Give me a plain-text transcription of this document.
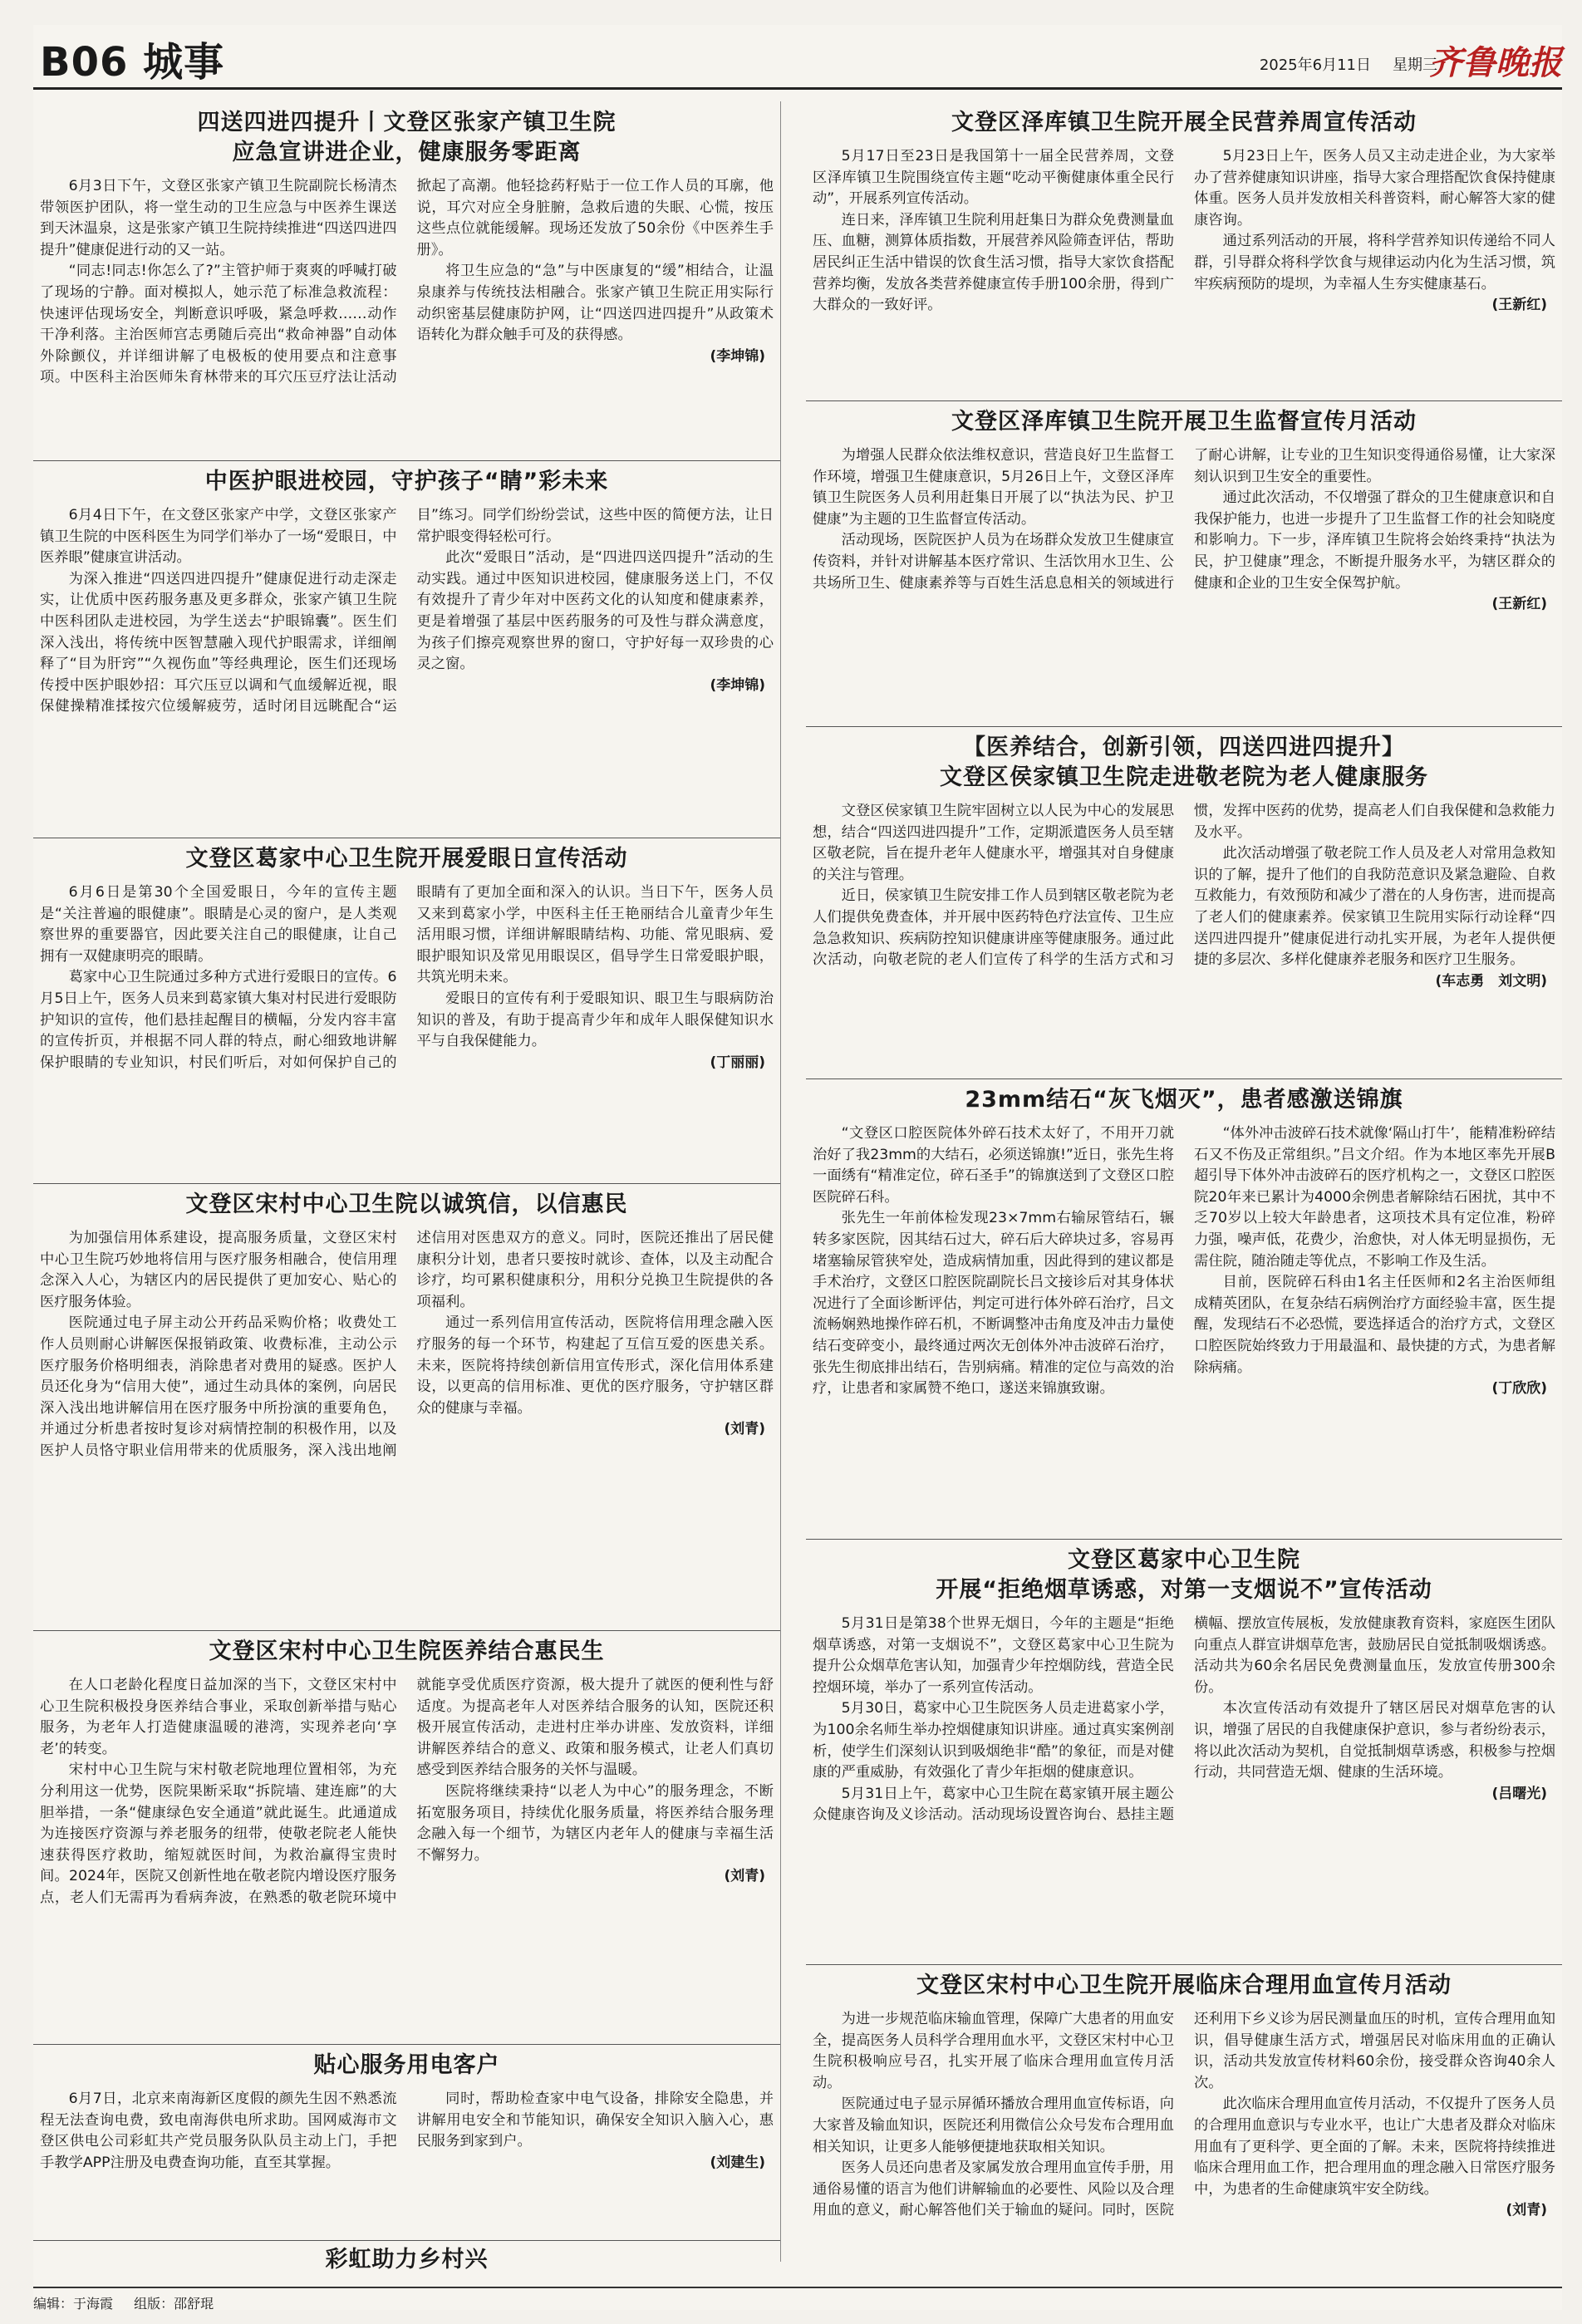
B06 城事	2025年6月11日 星期三
齐鲁晚报
四送四进四提升丨文登区张家产镇卫生院
应急宣讲进企业，健康服务零距离

6月3日下午，文登区张家产镇卫生院副院长杨清杰带领医护团队，将一堂生动的卫生应急与中医养生课送到天沐温泉，这是张家产镇卫生院持续推进“四送四进四提升”健康促进行动的又一站。

“同志!同志!你怎么了?”主管护师于爽爽的呼喊打破了现场的宁静。面对模拟人，她示范了标准急救流程：快速评估现场安全，判断意识呼吸，紧急呼救……动作干净利落。主治医师宫志勇随后亮出“救命神器”自动体外除颤仪，并详细讲解了电极板的使用要点和注意事项。中医科主治医师朱育林带来的耳穴压豆疗法让活动掀起了高潮。他轻捻药籽贴于一位工作人员的耳廓，他说，耳穴对应全身脏腑，急救后遗的失眠、心慌，按压这些点位就能缓解。现场还发放了50余份《中医养生手册》。

将卫生应急的“急”与中医康复的“缓”相结合，让温泉康养与传统技法相融合。张家产镇卫生院正用实际行动织密基层健康防护网，让“四送四进四提升”从政策术语转化为群众触手可及的获得感。

(李坤锦)
中医护眼进校园，守护孩子“睛”彩未来

6月4日下午，在文登区张家产中学，文登区张家产镇卫生院的中医科医生为同学们举办了一场“爱眼日，中医养眼”健康宣讲活动。

为深入推进“四送四进四提升”健康促进行动走深走实，让优质中医药服务惠及更多群众，张家产镇卫生院中医科团队走进校园，为学生送去“护眼锦囊”。医生们深入浅出，将传统中医智慧融入现代护眼需求，详细阐释了“目为肝窍”“久视伤血”等经典理论，医生们还现场传授中医护眼妙招：耳穴压豆以调和气血缓解近视，眼保健操精准揉按穴位缓解疲劳，适时闭目远眺配合“运目”练习。同学们纷纷尝试，这些中医的简便方法，让日常护眼变得轻松可行。

此次“爱眼日”活动，是“四进四送四提升”活动的生动实践。通过中医知识进校园，健康服务送上门，不仅有效提升了青少年对中医药文化的认知度和健康素养，更是着增强了基层中医药服务的可及性与群众满意度，为孩子们擦亮观察世界的窗口，守护好每一双珍贵的心灵之窗。

(李坤锦)
文登区葛家中心卫生院开展爱眼日宣传活动

6月6日是第30个全国爱眼日，今年的宣传主题是“关注普遍的眼健康”。眼睛是心灵的窗户，是人类观察世界的重要器官，因此要关注自己的眼健康，让自己拥有一双健康明亮的眼睛。

葛家中心卫生院通过多种方式进行爱眼日的宣传。6月5日上午，医务人员来到葛家镇大集对村民进行爱眼防护知识的宣传，他们悬挂起醒目的横幅，分发内容丰富的宣传折页，并根据不同人群的特点，耐心细致地讲解保护眼睛的专业知识，村民们听后，对如何保护自己的眼睛有了更加全面和深入的认识。当日下午，医务人员又来到葛家小学，中医科主任王艳丽结合儿童青少年生活用眼习惯，详细讲解眼睛结构、功能、常见眼病、爱眼护眼知识及常见用眼误区，倡导学生日常爱眼护眼，共筑光明未来。

爱眼日的宣传有利于爱眼知识、眼卫生与眼病防治知识的普及，有助于提高青少年和成年人眼保健知识水平与自我保健能力。

(丁丽丽)
文登区宋村中心卫生院以诚筑信，以信惠民

为加强信用体系建设，提高服务质量，文登区宋村中心卫生院巧妙地将信用与医疗服务相融合，使信用理念深入人心，为辖区内的居民提供了更加安心、贴心的医疗服务体验。

医院通过电子屏主动公开药品采购价格；收费处工作人员则耐心讲解医保报销政策、收费标准，主动公示医疗服务价格明细表，消除患者对费用的疑惑。医护人员还化身为“信用大使”，通过生动具体的案例，向居民深入浅出地讲解信用在医疗服务中所扮演的重要角色，并通过分析患者按时复诊对病情控制的积极作用，以及医护人员恪守职业信用带来的优质服务，深入浅出地阐述信用对医患双方的意义。同时，医院还推出了居民健康积分计划，患者只要按时就诊、查体，以及主动配合诊疗，均可累积健康积分，用积分兑换卫生院提供的各项福利。

通过一系列信用宣传活动，医院将信用理念融入医疗服务的每一个环节，构建起了互信互爱的医患关系。未来，医院将持续创新信用宣传形式，深化信用体系建设，以更高的信用标准、更优的医疗服务，守护辖区群众的健康与幸福。

(刘青)
文登区宋村中心卫生院医养结合惠民生

在人口老龄化程度日益加深的当下，文登区宋村中心卫生院积极投身医养结合事业，采取创新举措与贴心服务，为老年人打造健康温暖的港湾，实现养老向‘享老’的转变。

宋村中心卫生院与宋村敬老院地理位置相邻，为充分利用这一优势，医院果断采取“拆院墙、建连廊”的大胆举措，一条“健康绿色安全通道”就此诞生。此通道成为连接医疗资源与养老服务的纽带，使敬老院老人能快速获得医疗救助，缩短就医时间，为救治赢得宝贵时间。2024年，医院又创新性地在敬老院内增设医疗服务点，老人们无需再为看病奔波，在熟悉的敬老院环境中就能享受优质医疗资源，极大提升了就医的便利性与舒适度。为提高老年人对医养结合服务的认知，医院还积极开展宣传活动，走进村庄举办讲座、发放资料，详细讲解医养结合的意义、政策和服务模式，让老人们真切感受到医养结合服务的关怀与温暖。

医院将继续秉持“以老人为中心”的服务理念，不断拓宽服务项目，持续优化服务质量，将医养结合服务理念融入每一个细节，为辖区内老年人的健康与幸福生活不懈努力。

(刘青)
贴心服务用电客户

6月7日，北京来南海新区度假的颜先生因不熟悉流程无法查询电费，致电南海供电所求助。国网威海市文登区供电公司彩虹共产党员服务队队员主动上门，手把手教学APP注册及电费查询功能，直至其掌握。

同时，帮助检查家中电气设备，排除安全隐患，并讲解用电安全和节能知识，确保安全知识入脑入心，惠民服务到家到户。

(刘建生)
彩虹助力乡村兴

文登区泽库镇卫生院开展全民营养周宣传活动

5月17日至23日是我国第十一届全民营养周，文登区泽库镇卫生院围绕宣传主题“吃动平衡健康体重全民行动”，开展系列宣传活动。

连日来，泽库镇卫生院利用赶集日为群众免费测量血压、血糖，测算体质指数，开展营养风险筛查评估，帮助居民纠正生活中错误的饮食生活习惯，指导大家饮食搭配营养均衡，发放各类营养健康宣传手册100余册，得到广大群众的一致好评。

5月23日上午，医务人员又主动走进企业，为大家举办了营养健康知识讲座，指导大家合理搭配饮食保持健康体重。医务人员并发放相关科普资料，耐心解答大家的健康咨询。

通过系列活动的开展，将科学营养知识传递给不同人群，引导群众将科学饮食与规律运动内化为生活习惯，筑牢疾病预防的堤坝，为幸福人生夯实健康基石。

(王新红)
文登区泽库镇卫生院开展卫生监督宣传月活动

为增强人民群众依法维权意识，营造良好卫生监督工作环境，增强卫生健康意识，5月26日上午，文登区泽库镇卫生院医务人员利用赶集日开展了以“执法为民、护卫健康”为主题的卫生监督宣传活动。

活动现场，医院医护人员为在场群众发放卫生健康宣传资料，并针对讲解基本医疗常识、生活饮用水卫生、公共场所卫生、健康素养等与百姓生活息息相关的领域进行了耐心讲解，让专业的卫生知识变得通俗易懂，让大家深刻认识到卫生安全的重要性。

通过此次活动，不仅增强了群众的卫生健康意识和自我保护能力，也进一步提升了卫生监督工作的社会知晓度和影响力。下一步，泽库镇卫生院将会始终秉持“执法为民，护卫健康”理念，不断提升服务水平，为辖区群众的健康和企业的卫生安全保驾护航。

(王新红)
【医养结合，创新引领，四送四进四提升】
文登区侯家镇卫生院走进敬老院为老人健康服务

文登区侯家镇卫生院牢固树立以人民为中心的发展思想，结合“四送四进四提升”工作，定期派遣医务人员至辖区敬老院，旨在提升老年人健康水平，增强其对自身健康的关注与管理。

近日，侯家镇卫生院安排工作人员到辖区敬老院为老人们提供免费查体，并开展中医药特色疗法宣传、卫生应急急救知识、疾病防控知识健康讲座等健康服务。通过此次活动，向敬老院的老人们宣传了科学的生活方式和习惯，发挥中医药的优势，提高老人们自我保健和急救能力及水平。

此次活动增强了敬老院工作人员及老人对常用急救知识的了解，提升了他们的自我防范意识及紧急避险、自救互救能力，有效预防和减少了潜在的人身伤害，进而提高了老人们的健康素养。侯家镇卫生院用实际行动诠释“四送四进四提升”健康促进行动扎实开展，为老年人提供便捷的多层次、多样化健康养老服务和医疗卫生服务。

(车志勇　刘文明)
23mm结石“灰飞烟灭”，患者感激送锦旗

“文登区口腔医院体外碎石技术太好了，不用开刀就治好了我23mm的大结石，必须送锦旗!”近日，张先生将一面绣有“精准定位，碎石圣手”的锦旗送到了文登区口腔医院碎石科。

张先生一年前体检发现23×7mm右输尿管结石，辗转多家医院，因其结石过大，碎石后大碎块过多，容易再堵塞输尿管狭窄处，造成病情加重，因此得到的建议都是手术治疗，文登区口腔医院副院长吕文接诊后对其身体状况进行了全面诊断评估，判定可进行体外碎石治疗，吕文流畅娴熟地操作碎石机，不断调整冲击角度及冲击力量使结石变碎变小，最终通过两次无创体外冲击波碎石治疗，张先生彻底排出结石，告别病痛。精准的定位与高效的治疗，让患者和家属赞不绝口，遂送来锦旗致谢。

“体外冲击波碎石技术就像‘隔山打牛’，能精准粉碎结石又不伤及正常组织。”吕文介绍。作为本地区率先开展B超引导下体外冲击波碎石的医疗机构之一，文登区口腔医院20年来已累计为4000余例患者解除结石困扰，其中不乏70岁以上较大年龄患者，这项技术具有定位准，粉碎力强，噪声低，花费少，治愈快，对人体无明显损伤，无需住院，随治随走等优点，不影响工作及生活。

目前，医院碎石科由1名主任医师和2名主治医师组成精英团队，在复杂结石病例治疗方面经验丰富，医生提醒，发现结石不必恐慌，要选择适合的治疗方式，文登区口腔医院始终致力于用最温和、最快捷的方式，为患者解除病痛。

(丁欣欣)
文登区葛家中心卫生院
开展“拒绝烟草诱惑，对第一支烟说不”宣传活动

5月31日是第38个世界无烟日，今年的主题是“拒绝烟草诱惑，对第一支烟说不”，文登区葛家中心卫生院为提升公众烟草危害认知，加强青少年控烟防线，营造全民控烟环境，举办了一系列宣传活动。

5月30日，葛家中心卫生院医务人员走进葛家小学，为100余名师生举办控烟健康知识讲座。通过真实案例剖析，使学生们深刻认识到吸烟绝非“酷”的象征，而是对健康的严重威胁，有效强化了青少年拒烟的健康意识。

5月31日上午，葛家中心卫生院在葛家镇开展主题公众健康咨询及义诊活动。活动现场设置咨询台、悬挂主题横幅、摆放宣传展板，发放健康教育资料，家庭医生团队向重点人群宣讲烟草危害，鼓励居民自觉抵制吸烟诱惑。活动共为60余名居民免费测量血压，发放宣传册300余份。

本次宣传活动有效提升了辖区居民对烟草危害的认识，增强了居民的自我健康保护意识，参与者纷纷表示，将以此次活动为契机，自觉抵制烟草诱惑，积极参与控烟行动，共同营造无烟、健康的生活环境。

(吕曙光)
文登区宋村中心卫生院开展临床合理用血宣传月活动

为进一步规范临床输血管理，保障广大患者的用血安全，提高医务人员科学合理用血水平，文登区宋村中心卫生院积极响应号召，扎实开展了临床合理用血宣传月活动。

医院通过电子显示屏循环播放合理用血宣传标语，向大家普及输血知识，医院还利用微信公众号发布合理用血相关知识，让更多人能够便捷地获取相关知识。

医务人员还向患者及家属发放合理用血宣传手册，用通俗易懂的语言为他们讲解输血的必要性、风险以及合理用血的意义，耐心解答他们关于输血的疑问。同时，医院还利用下乡义诊为居民测量血压的时机，宣传合理用血知识，倡导健康生活方式，增强居民对临床用血的正确认识，活动共发放宣传材料60余份，接受群众咨询40余人次。

此次临床合理用血宣传月活动，不仅提升了医务人员的合理用血意识与专业水平，也让广大患者及群众对临床用血有了更科学、更全面的了解。未来，医院将持续推进临床合理用血工作，把合理用血的理念融入日常医疗服务中，为患者的生命健康筑牢安全防线。

(刘青)
编辑：于海霞 组版：邵舒琨
